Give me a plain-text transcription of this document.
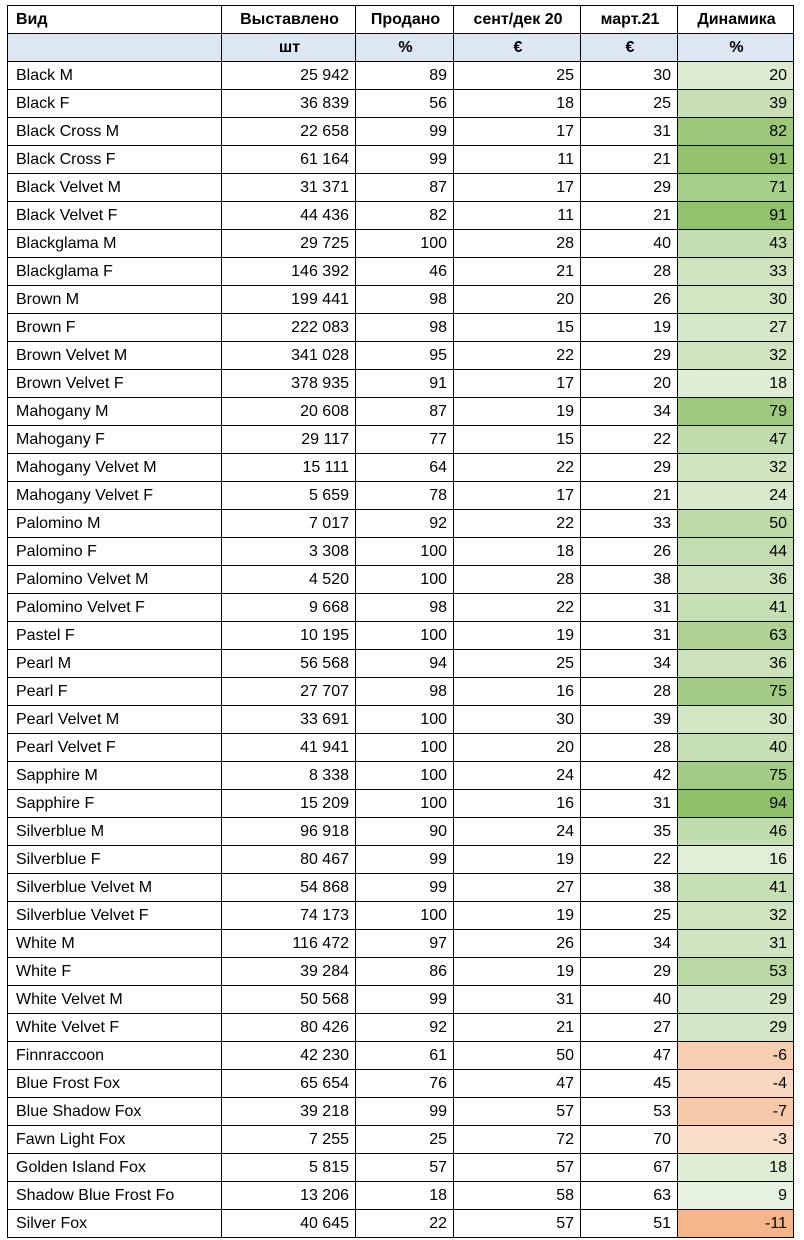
Вид	Выставлено	Продано	сент/дек 20	март.21	Динамика
	шт	%	€	€	%
Black M	25 942	89	25	30	20
Black F	36 839	56	18	25	39
Black Cross M	22 658	99	17	31	82
Black Cross F	61 164	99	11	21	91
Black Velvet M	31 371	87	17	29	71
Black Velvet F	44 436	82	11	21	91
Blackglama M	29 725	100	28	40	43
Blackglama F	146 392	46	21	28	33
Brown M	199 441	98	20	26	30
Brown F	222 083	98	15	19	27
Brown Velvet M	341 028	95	22	29	32
Brown Velvet F	378 935	91	17	20	18
Mahogany M	20 608	87	19	34	79
Mahogany F	29 117	77	15	22	47
Mahogany Velvet M	15 111	64	22	29	32
Mahogany Velvet F	5 659	78	17	21	24
Palomino M	7 017	92	22	33	50
Palomino F	3 308	100	18	26	44
Palomino Velvet M	4 520	100	28	38	36
Palomino Velvet F	9 668	98	22	31	41
Pastel F	10 195	100	19	31	63
Pearl M	56 568	94	25	34	36
Pearl F	27 707	98	16	28	75
Pearl Velvet M	33 691	100	30	39	30
Pearl Velvet F	41 941	100	20	28	40
Sapphire M	8 338	100	24	42	75
Sapphire F	15 209	100	16	31	94
Silverblue M	96 918	90	24	35	46
Silverblue F	80 467	99	19	22	16
Silverblue Velvet M	54 868	99	27	38	41
Silverblue Velvet F	74 173	100	19	25	32
White M	116 472	97	26	34	31
White F	39 284	86	19	29	53
White Velvet M	50 568	99	31	40	29
White Velvet F	80 426	92	21	27	29
Finnraccoon	42 230	61	50	47	-6
Blue Frost Fox	65 654	76	47	45	-4
Blue Shadow Fox	39 218	99	57	53	-7
Fawn Light Fox	7 255	25	72	70	-3
Golden Island Fox	5 815	57	57	67	18
Shadow Blue Frost Fo	13 206	18	58	63	9
Silver Fox	40 645	22	57	51	-11
